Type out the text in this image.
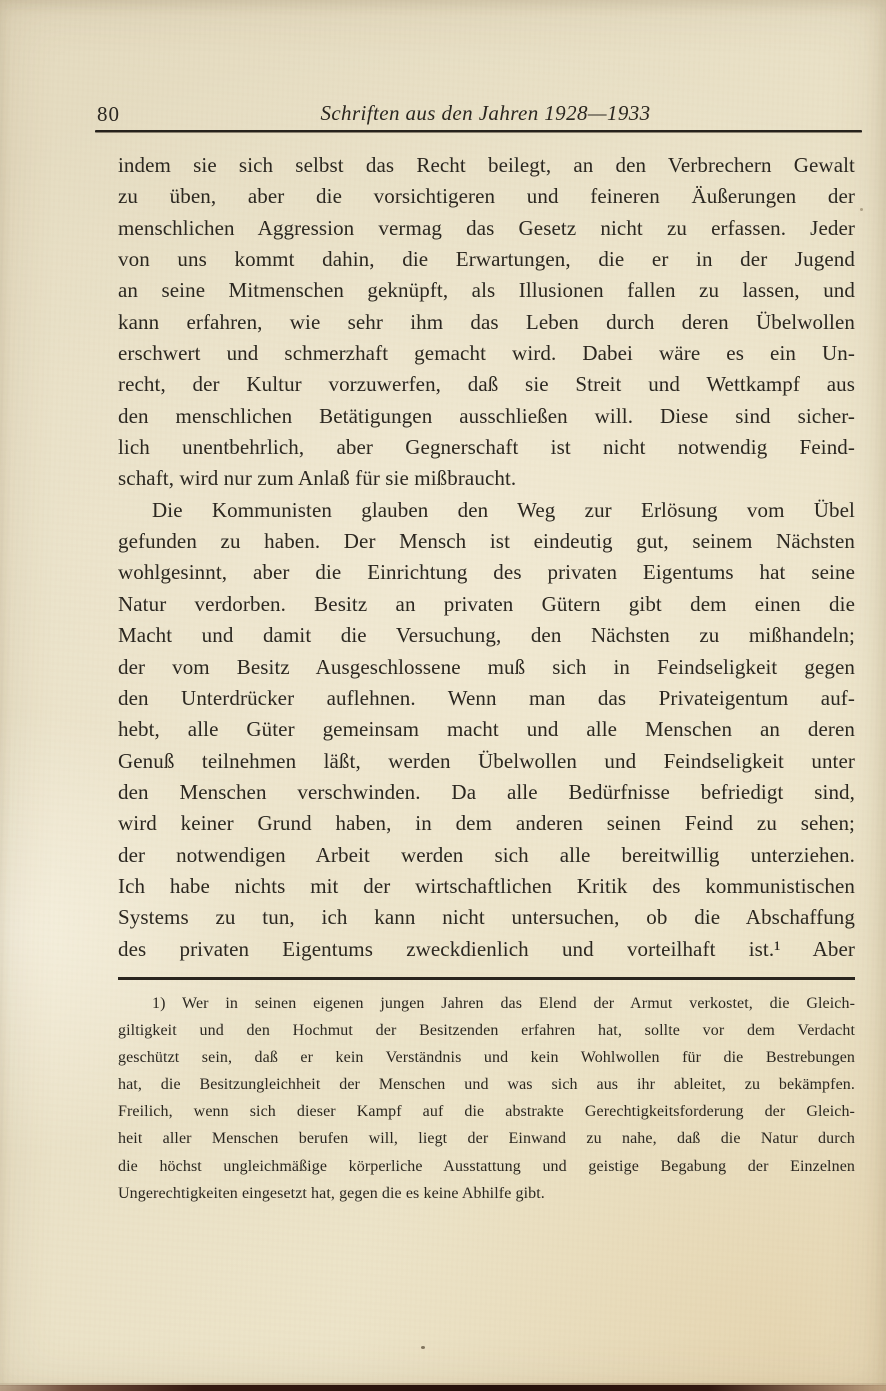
80	Schriften aus den Jahren 1928—1933
indem sie sich selbst das Recht beilegt, an den Verbrechern Gewalt
zu üben, aber die vorsichtigeren und feineren Äußerungen der
menschlichen Aggression vermag das Gesetz nicht zu erfassen. Jeder
von uns kommt dahin, die Erwartungen, die er in der Jugend
an seine Mitmenschen geknüpft, als Illusionen fallen zu lassen, und
kann erfahren, wie sehr ihm das Leben durch deren Übelwollen
erschwert und schmerzhaft gemacht wird. Dabei wäre es ein Un-
recht, der Kultur vorzuwerfen, daß sie Streit und Wettkampf aus
den menschlichen Betätigungen ausschließen will. Diese sind sicher-
lich unentbehrlich, aber Gegnerschaft ist nicht notwendig Feind-
schaft, wird nur zum Anlaß für sie mißbraucht.
Die Kommunisten glauben den Weg zur Erlösung vom Übel
gefunden zu haben. Der Mensch ist eindeutig gut, seinem Nächsten
wohlgesinnt, aber die Einrichtung des privaten Eigentums hat seine
Natur verdorben. Besitz an privaten Gütern gibt dem einen die
Macht und damit die Versuchung, den Nächsten zu mißhandeln;
der vom Besitz Ausgeschlossene muß sich in Feindseligkeit gegen
den Unterdrücker auflehnen. Wenn man das Privateigentum auf-
hebt, alle Güter gemeinsam macht und alle Menschen an deren
Genuß teilnehmen läßt, werden Übelwollen und Feindseligkeit unter
den Menschen verschwinden. Da alle Bedürfnisse befriedigt sind,
wird keiner Grund haben, in dem anderen seinen Feind zu sehen;
der notwendigen Arbeit werden sich alle bereitwillig unterziehen.
Ich habe nichts mit der wirtschaftlichen Kritik des kommunistischen
Systems zu tun, ich kann nicht untersuchen, ob die Abschaffung
des privaten Eigentums zweckdienlich und vorteilhaft ist.¹ Aber
1) Wer in seinen eigenen jungen Jahren das Elend der Armut verkostet, die Gleich-
giltigkeit und den Hochmut der Besitzenden erfahren hat, sollte vor dem Verdacht
geschützt sein, daß er kein Verständnis und kein Wohlwollen für die Bestrebungen
hat, die Besitzungleichheit der Menschen und was sich aus ihr ableitet, zu bekämpfen.
Freilich, wenn sich dieser Kampf auf die abstrakte Gerechtigkeitsforderung der Gleich-
heit aller Menschen berufen will, liegt der Einwand zu nahe, daß die Natur durch
die höchst ungleichmäßige körperliche Ausstattung und geistige Begabung der Einzelnen
Ungerechtigkeiten eingesetzt hat, gegen die es keine Abhilfe gibt.
